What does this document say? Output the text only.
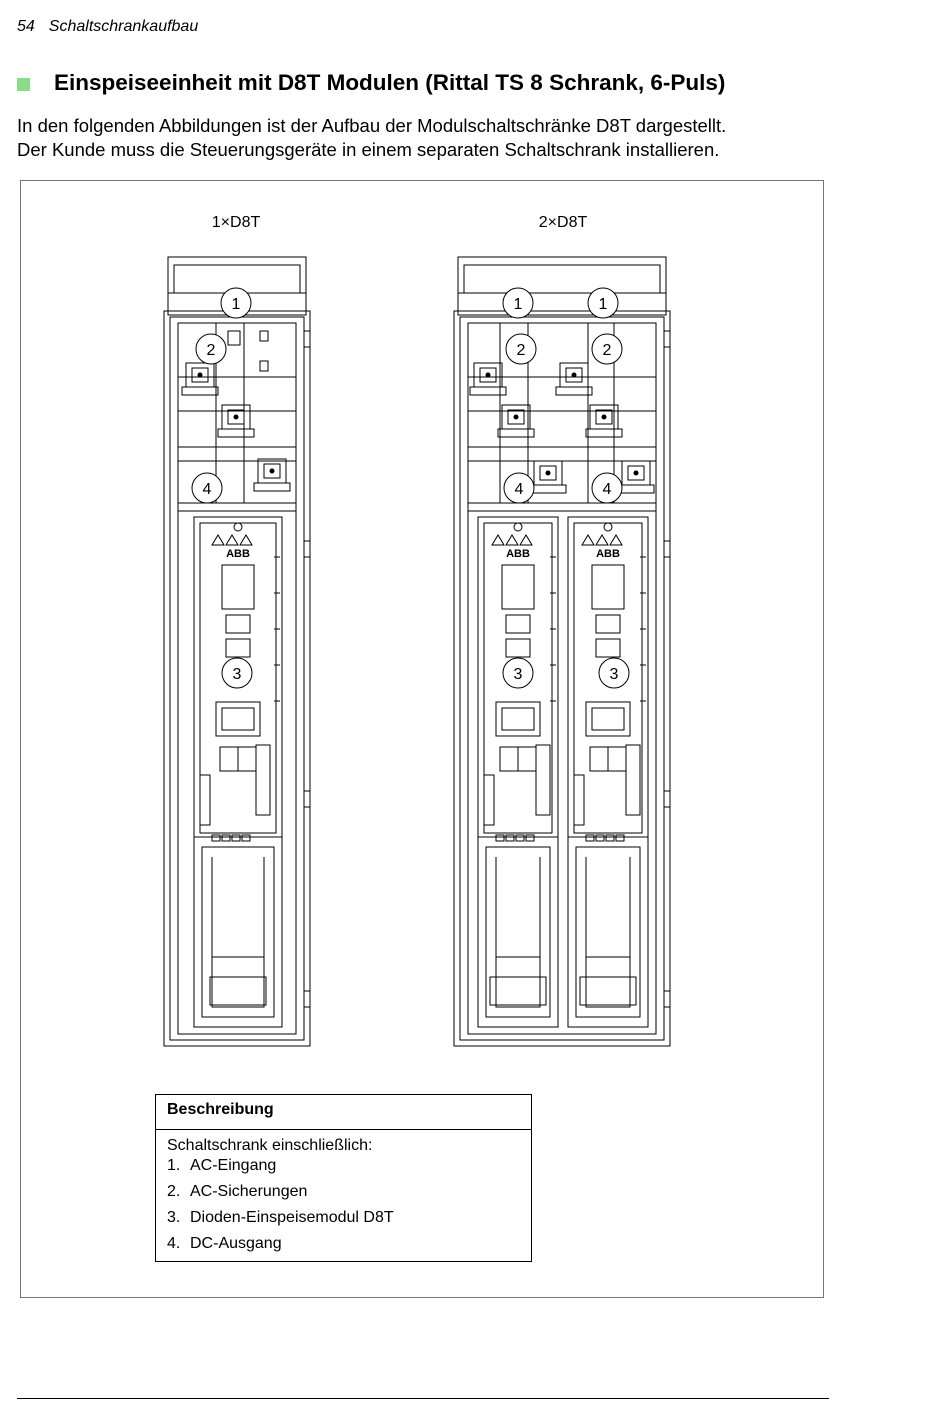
54 Schaltschrankaufbau
Einspeiseeinheit mit D8T Modulen (Rittal TS 8 Schrank, 6-Puls)
In den folgenden Abbildungen ist der Aufbau der Modulschaltschränke D8T dargestellt.
Der Kunde muss die Steuerungsgeräte in einem separaten Schaltschrank installieren.
1×D8T	2×D8T
ABB
1
2
4
3
ABB	ABB
1	1
2	2
4	4
3	3
Beschreibung
Schaltschrank einschließlich:
1. AC-Eingang
2. AC-Sicherungen
3. Dioden-Einspeisemodul D8T
4. DC-Ausgang
